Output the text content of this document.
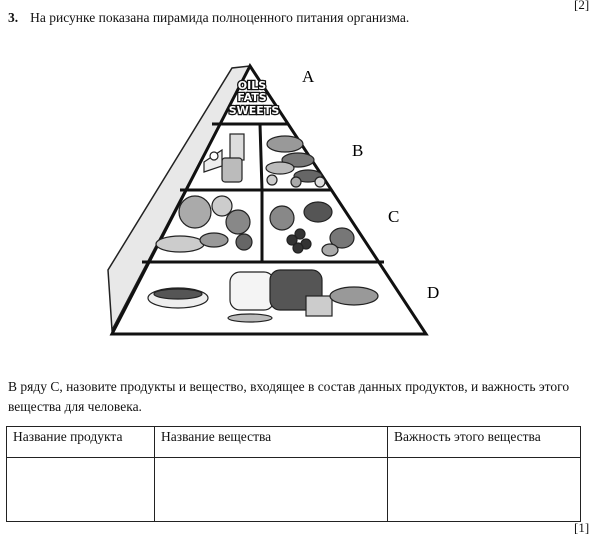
[2]
3. На рисунке показана пирамида полноценного питания организма.
OILS
FATS
SWEETS
A
B
C
D
В ряду С, назовите продукты и вещество, входящее в состав данных продуктов, и важность этого вещества для человека.
Название продукта	Название вещества	Важность этого вещества

[1]
